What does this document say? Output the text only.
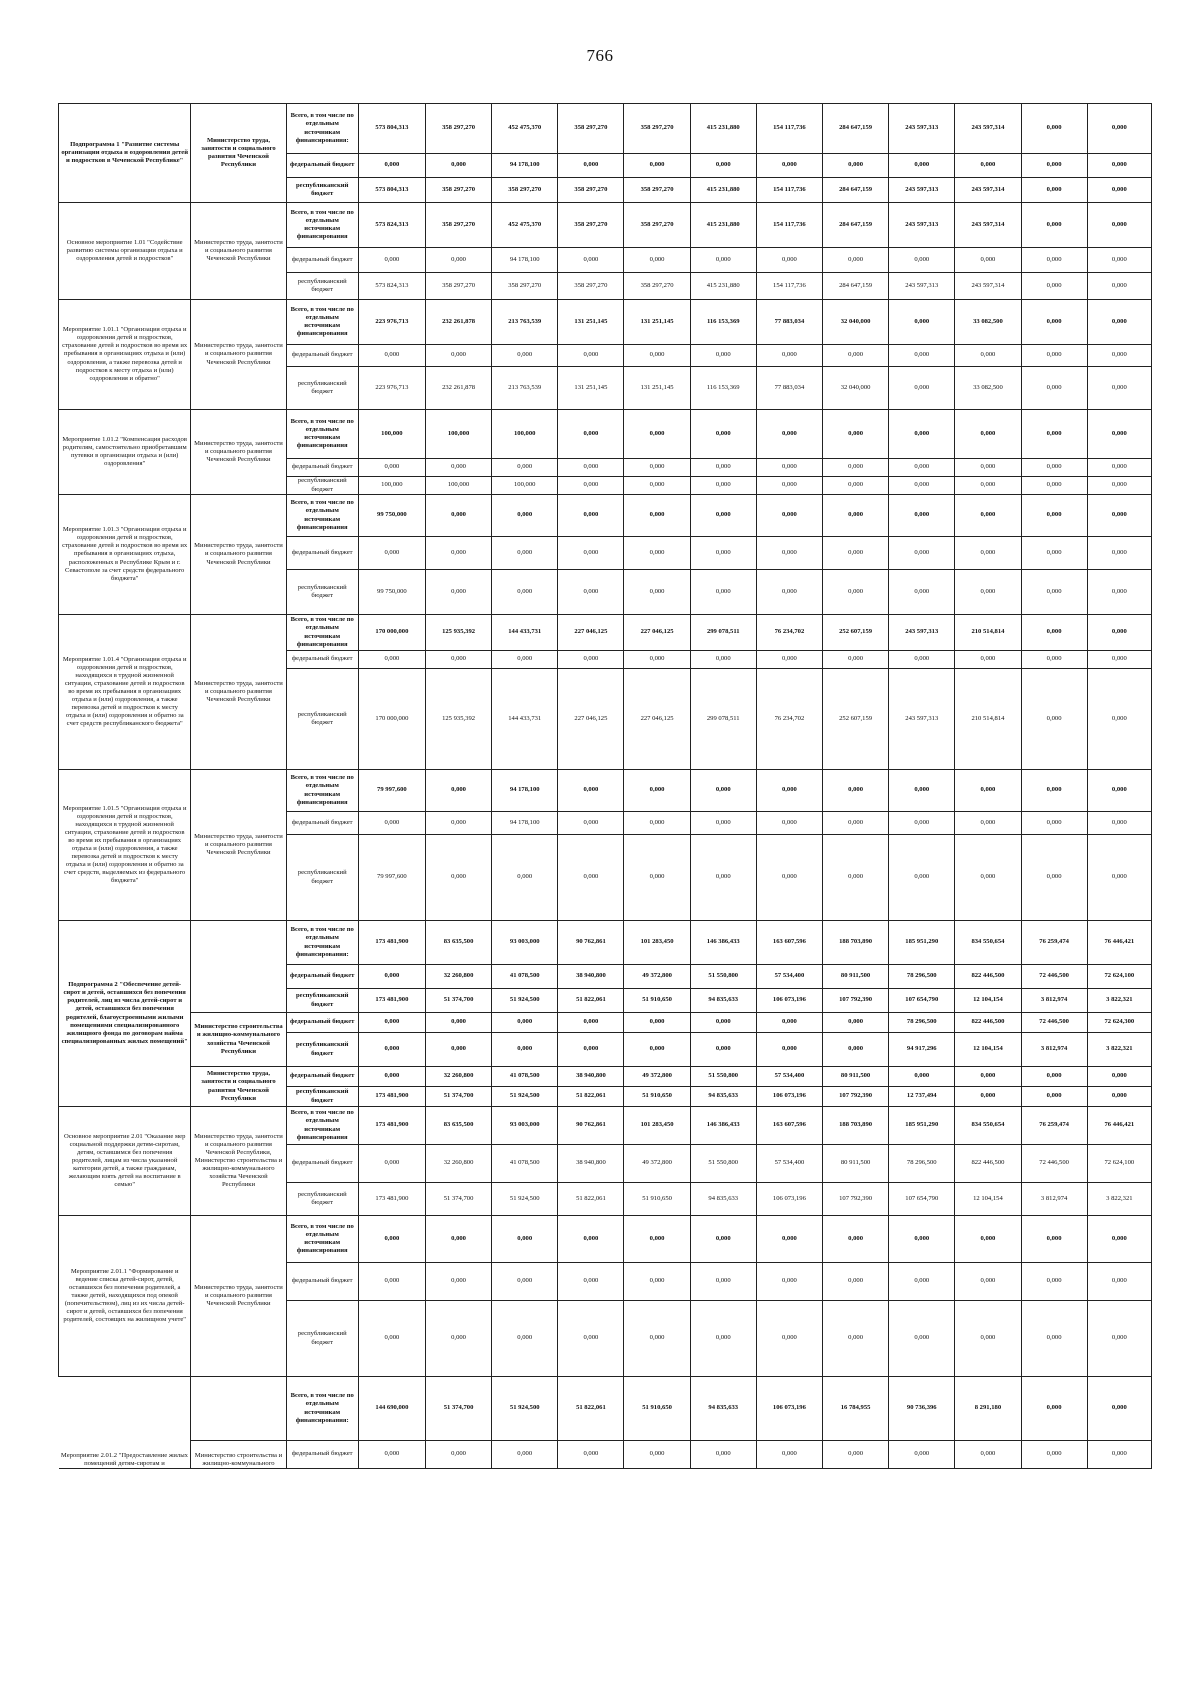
766
Подпрограмма 1 "Развитие системы организации отдыха и оздоровления детей и подростков в Чеченской Республике"	Министерство труда, занятости и социального развития Чеченской Республики	Всего, в том числе по отдельным источникам финансирования:	573 804,313	358 297,270	452 475,370	358 297,270	358 297,270	415 231,880	154 117,736	284 647,159	243 597,313	243 597,314	0,000	0,000
		федеральный бюджет	0,000	0,000	94 178,100	0,000	0,000	0,000	0,000	0,000	0,000	0,000	0,000	0,000
		республиканский бюджет	573 804,313	358 297,270	358 297,270	358 297,270	358 297,270	415 231,880	154 117,736	284 647,159	243 597,313	243 597,314	0,000	0,000
Основное мероприятие 1.01 "Содействие развитию системы организации отдыха и оздоровления детей и подростков"	Министерство труда, занятости и социального развития Чеченской Республики	Всего, в том числе по отдельным источникам финансирования	573 824,313	358 297,270	452 475,370	358 297,270	358 297,270	415 231,880	154 117,736	284 647,159	243 597,313	243 597,314	0,000	0,000
		федеральный бюджет	0,000	0,000	94 178,100	0,000	0,000	0,000	0,000	0,000	0,000	0,000	0,000	0,000
		республиканский бюджет	573 824,313	358 297,270	358 297,270	358 297,270	358 297,270	415 231,880	154 117,736	284 647,159	243 597,313	243 597,314	0,000	0,000
Мероприятие 1.01.1 "Организация отдыха и оздоровления детей и подростков, страхование детей и подростков во время их пребывания в организациях отдыха и (или) оздоровления, а также перевозка детей и подростков к месту отдыха и (или) оздоровления и обратно"	Министерство труда, занятости и социального развития Чеченской Республики	Всего, в том числе по отдельным источникам финансирования	223 976,713	232 261,878	213 763,539	131 251,145	131 251,145	116 153,369	77 883,034	32 040,000	0,000	33 082,500	0,000	0,000
		федеральный бюджет	0,000	0,000	0,000	0,000	0,000	0,000	0,000	0,000	0,000	0,000	0,000	0,000
		республиканский бюджет	223 976,713	232 261,878	213 763,539	131 251,145	131 251,145	116 153,369	77 883,034	32 040,000	0,000	33 082,500	0,000	0,000
Мероприятие 1.01.2 "Компенсация расходов родителям, самостоятельно приобретавшим путевки в организации отдыха и (или) оздоровления"	Министерство труда, занятости и социального развития Чеченской Республики	Всего, в том числе по отдельным источникам финансирования	100,000	100,000	100,000	0,000	0,000	0,000	0,000	0,000	0,000	0,000	0,000	0,000
		федеральный бюджет	0,000	0,000	0,000	0,000	0,000	0,000	0,000	0,000	0,000	0,000	0,000	0,000
		республиканский бюджет	100,000	100,000	100,000	0,000	0,000	0,000	0,000	0,000	0,000	0,000	0,000	0,000
Мероприятие 1.01.3 "Организация отдыха и оздоровления детей и подростков, страхование детей и подростков во время их пребывания в организациях отдыха, расположенных в Республике Крым и г. Севастополе за счет средств федерального бюджета"	Министерство труда, занятости и социального развития Чеченской Республики	Всего, в том числе по отдельным источникам финансирования	99 750,000	0,000	0,000	0,000	0,000	0,000	0,000	0,000	0,000	0,000	0,000	0,000
		федеральный бюджет	0,000	0,000	0,000	0,000	0,000	0,000	0,000	0,000	0,000	0,000	0,000	0,000
		республиканский бюджет	99 750,000	0,000	0,000	0,000	0,000	0,000	0,000	0,000	0,000	0,000	0,000	0,000
Мероприятие 1.01.4 "Организация отдыха и оздоровления детей и подростков, находящихся в трудной жизненной ситуации, страхование детей и подростков во время их пребывания в организациях отдыха и (или) оздоровления, а также перевозка детей и подростков к месту отдыха и (или) оздоровления и обратно за счет средств республиканского бюджета"	Министерство труда, занятости и социального развития Чеченской Республики	Всего, в том числе по отдельным источникам финансирования	170 000,000	125 935,392	144 433,731	227 046,125	227 046,125	299 078,511	76 234,702	252 607,159	243 597,313	210 514,814	0,000	0,000
		федеральный бюджет	0,000	0,000	0,000	0,000	0,000	0,000	0,000	0,000	0,000	0,000	0,000	0,000
		республиканский бюджет	170 000,000	125 935,392	144 433,731	227 046,125	227 046,125	299 078,511	76 234,702	252 607,159	243 597,313	210 514,814	0,000	0,000
Мероприятие 1.01.5 "Организация отдыха и оздоровления детей и подростков, находящихся в трудной жизненной ситуации, страхование детей и подростков во время их пребывания в организациях отдыха и (или) оздоровления, а также перевозка детей и подростков к месту отдыха и (или) оздоровления и обратно за счет средств, выделяемых из федерального бюджета"	Министерство труда, занятости и социального развития Чеченской Республики	Всего, в том числе по отдельным источникам финансирования	79 997,600	0,000	94 178,100	0,000	0,000	0,000	0,000	0,000	0,000	0,000	0,000	0,000
		федеральный бюджет	0,000	0,000	94 178,100	0,000	0,000	0,000	0,000	0,000	0,000	0,000	0,000	0,000
		республиканский бюджет	79 997,600	0,000	0,000	0,000	0,000	0,000	0,000	0,000	0,000	0,000	0,000	0,000
Подпрограмма 2 "Обеспечение детей-сирот и детей, оставшихся без попечения родителей, лиц из числа детей-сирот и детей, оставшихся без попечения родителей, благоустроенными жилыми помещениями специализированного жилищного фонда по договорам найма специализированных жилых помещений"		Всего, в том числе по отдельным источникам финансирования:	173 481,900	83 635,500	93 003,000	90 762,861	101 283,450	146 386,433	163 607,596	188 703,890	185 951,290	834 550,654	76 259,474	76 446,421
		федеральный бюджет	0,000	32 260,800	41 078,500	38 940,800	49 372,800	51 550,800	57 534,400	80 911,500	78 296,500	822 446,500	72 446,500	72 624,100
		республиканский бюджет	173 481,900	51 374,700	51 924,500	51 822,061	51 910,650	94 835,633	106 073,196	107 792,390	107 654,790	12 104,154	3 812,974	3 822,321
	Министерство строительства и жилищно-коммунального хозяйства Чеченской Республики	федеральный бюджет	0,000	0,000	0,000	0,000	0,000	0,000	0,000	0,000	78 296,500	822 446,500	72 446,500	72 624,300
		республиканский бюджет	0,000	0,000	0,000	0,000	0,000	0,000	0,000	0,000	94 917,296	12 104,154	3 812,974	3 822,321
	Министерство труда, занятости и социального развития Чеченской Республики	федеральный бюджет	0,000	32 260,800	41 078,500	38 940,800	49 372,800	51 550,800	57 534,400	80 911,500	0,000	0,000	0,000	0,000
		республиканский бюджет	173 481,900	51 374,700	51 924,500	51 822,061	51 910,650	94 835,633	106 073,196	107 792,390	12 737,494	0,000	0,000	0,000
Основное мероприятие 2.01 "Оказание мер социальной поддержки детям-сиротам, детям, оставшимся без попечения родителей, лицам из числа указанной категории детей, а также гражданам, желающим взять детей на воспитание в семью"	Министерство труда, занятости и социального развития Чеченской Республики, Министерство строительства и жилищно-коммунального хозяйства Чеченской Республики	Всего, в том числе по отдельным источникам финансирования	173 481,900	83 635,500	93 003,000	90 762,861	101 283,450	146 386,433	163 607,596	188 703,890	185 951,290	834 550,654	76 259,474	76 446,421
		федеральный бюджет	0,000	32 260,800	41 078,500	38 940,800	49 372,800	51 550,800	57 534,400	80 911,500	78 296,500	822 446,500	72 446,500	72 624,100
		республиканский бюджет	173 481,900	51 374,700	51 924,500	51 822,061	51 910,650	94 835,633	106 073,196	107 792,390	107 654,790	12 104,154	3 812,974	3 822,321
Мероприятие 2.01.1 "Формирование и ведение списка детей-сирот, детей, оставшихся без попечения родителей, а также детей, находящихся под опекой (попечительством), лиц из их числа детей-сирот и детей, оставшихся без попечения родителей, состоящих на жилищном учете"	Министерство труда, занятости и социального развития Чеченской Республики	Всего, в том числе по отдельным источникам финансирования	0,000	0,000	0,000	0,000	0,000	0,000	0,000	0,000	0,000	0,000	0,000	0,000
		федеральный бюджет	0,000	0,000	0,000	0,000	0,000	0,000	0,000	0,000	0,000	0,000	0,000	0,000
		республиканский бюджет	0,000	0,000	0,000	0,000	0,000	0,000	0,000	0,000	0,000	0,000	0,000	0,000
Мероприятие 2.01.2 "Предоставление жилых помещений детям-сиротам и		Всего, в том числе по отдельным источникам финансирования:	144 690,000	51 374,700	51 924,500	51 822,061	51 910,650	94 835,633	106 073,196	16 784,955	90 736,396	8 291,180	0,000	0,000
	Министерство строительства и жилищно-коммунального	федеральный бюджет	0,000	0,000	0,000	0,000	0,000	0,000	0,000	0,000	0,000	0,000	0,000	0,000
